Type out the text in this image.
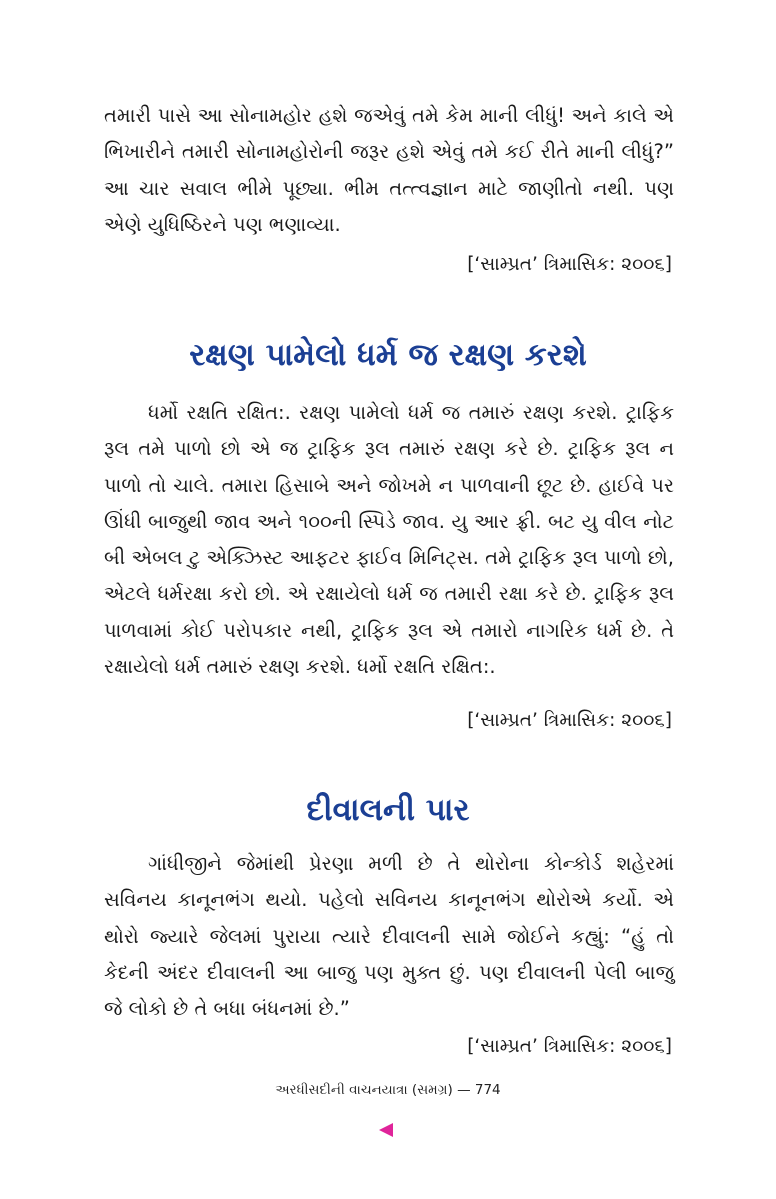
તમારી પાસે આ સોનામહોર હશે જએવું તમે કેમ માની લીધું! અને કાલે એ ભિખારીને તમારી સોનામહોરોની જરૂર હશે એવું તમે કઈ રીતે માની લીધું?” આ ચાર સવાલ ભીમે પૂછ્યા. ભીમ તત્ત્વજ્ઞાન માટે જાણીતો નથી. પણ એણે યુધિષ્ઠિરને પણ ભણાવ્યા.

[‘સામ્પ્રત’ ત્રિમાસિક: ૨૦૦૬]

રક્ષણ પામેલો ધર્મ જ રક્ષણ કરશે

ધર્મો રક્ષતિ રક્ષિત:. રક્ષણ પામેલો ધર્મ જ તમારું રક્ષણ કરશે. ટ્રાફિક રૂલ તમે પાળો છો એ જ ટ્રાફિક રૂલ તમારું રક્ષણ કરે છે. ટ્રાફિક રૂલ ન પાળો તો ચાલે. તમારા હિસાબે અને જોખમે ન પાળવાની છૂટ છે. હાઈવે પર ઊંધી બાજુથી જાવ અને ૧૦૦ની સ્પિડે જાવ. યુ આર ફ્રી. બટ યુ વીલ નોટ બી એબલ ટુ એક્ઝિસ્ટ આફટર ફાઈવ મિનિટ્સ. તમે ટ્રાફિક રૂલ પાળો છો, એટલે ધર્મરક્ષા કરો છો. એ રક્ષાયેલો ધર્મ જ તમારી રક્ષા કરે છે. ટ્રાફિક રૂલ પાળવામાં કોઈ પરોપકાર નથી, ટ્રાફિક રૂલ એ તમારો નાગરિક ધર્મ છે. તે રક્ષાયેલો ધર્મ તમારું રક્ષણ કરશે. ધર્મો રક્ષતિ રક્ષિત:.

[‘સામ્પ્રત’ ત્રિમાસિક: ૨૦૦૬]

દીવાલની પાર

ગાંધીજીને જેમાંથી પ્રેરણા મળી છે તે થોરોના કોન્કોર્ડ શહેરમાં સવિનય કાનૂનભંગ થયો. પહેલો સવિનય કાનૂનભંગ થોરોએ કર્યો. એ થોરો જ્યારે જેલમાં પુરાયા ત્યારે દીવાલની સામે જોઈને કહ્યું: “હું તો કેદની અંદર દીવાલની આ બાજુ પણ મુક્ત છું. પણ દીવાલની પેલી બાજુ જે લોકો છે તે બધા બંધનમાં છે.”

[‘સામ્પ્રત’ ત્રિમાસિક: ૨૦૦૬]

અરધીસદીની વાચનયાત્રા (સમગ્ર) — 774
